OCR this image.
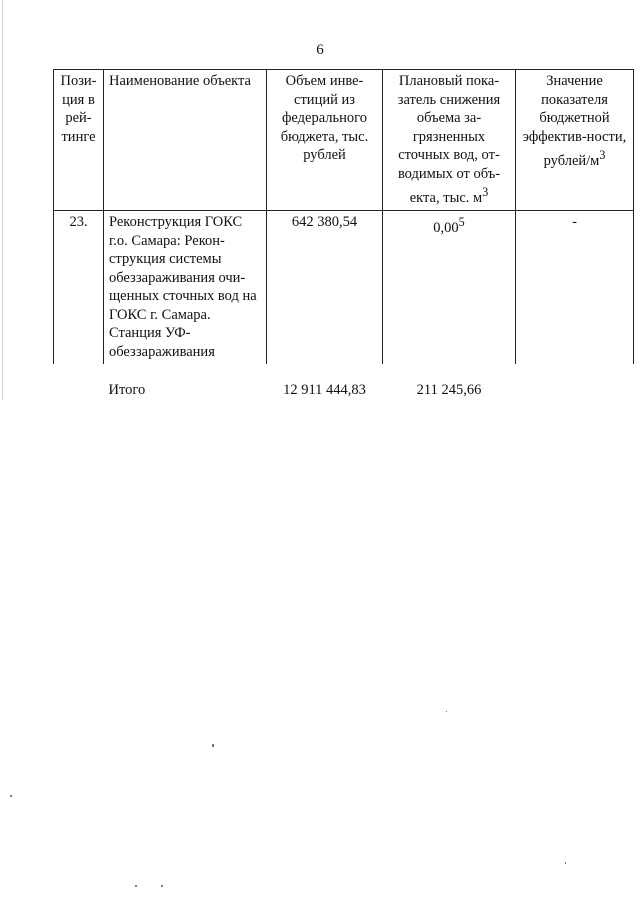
6
Пози-ция в рей-тинге	Наименование объекта	Объем инве-стиций из федерального бюджета, тыс. рублей	Плановый пока-затель снижения объема за-грязненных сточных вод, от-водимых от объ-екта, тыс. $м^3$	Значение показателя бюджетной эффектив-ности, рублей/$м^3$
23.	Реконструкция ГОКС г.о. Самара: Рекон-струкция системы обеззараживания очи-щенных сточных вод на ГОКС г. Самара. Станция УФ-обеззараживания	642 380,54	0,00$^5$	-
	Итого	12 911 444,83	211 245,66	
